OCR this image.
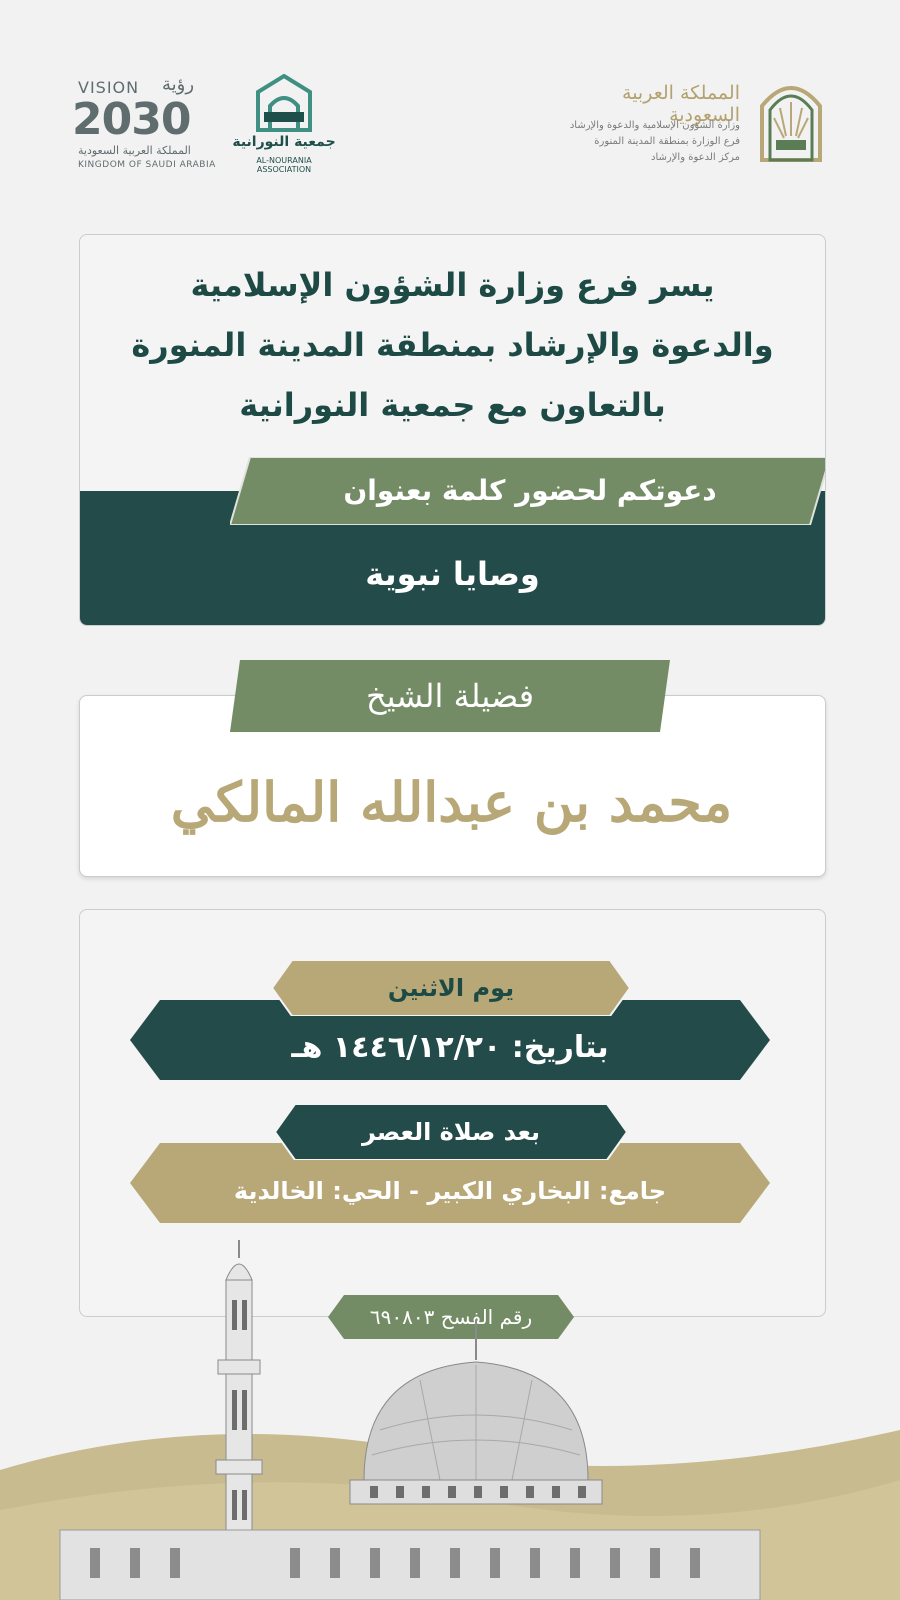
VISION رؤية
2030
المملكة العربية السعودية
KINGDOM OF SAUDI ARABIA
جمعية النورانية
AL-NOURANIA ASSOCIATION
المملكة العربية السعودية
وزارة الشؤون الإسلامية والدعوة والإرشاد
فرع الوزارة بمنطقة المدينة المنورة
مركز الدعوة والإرشاد
يسر فرع وزارة الشؤون الإسلامية
والدعوة والإرشاد بمنطقة المدينة المنورة
بالتعاون مع جمعية النورانية
دعوتكم لحضور كلمة بعنوان
وصايا نبوية
فضيلة الشيخ
محمد بن عبدالله المالكي
يوم الاثنين
بتاريخ: ١٤٤٦/١٢/٢٠ هـ
بعد صلاة العصر
جامع: البخاري الكبير - الحي: الخالدية
رقم الفسح ٦٩٠٨٠٣
